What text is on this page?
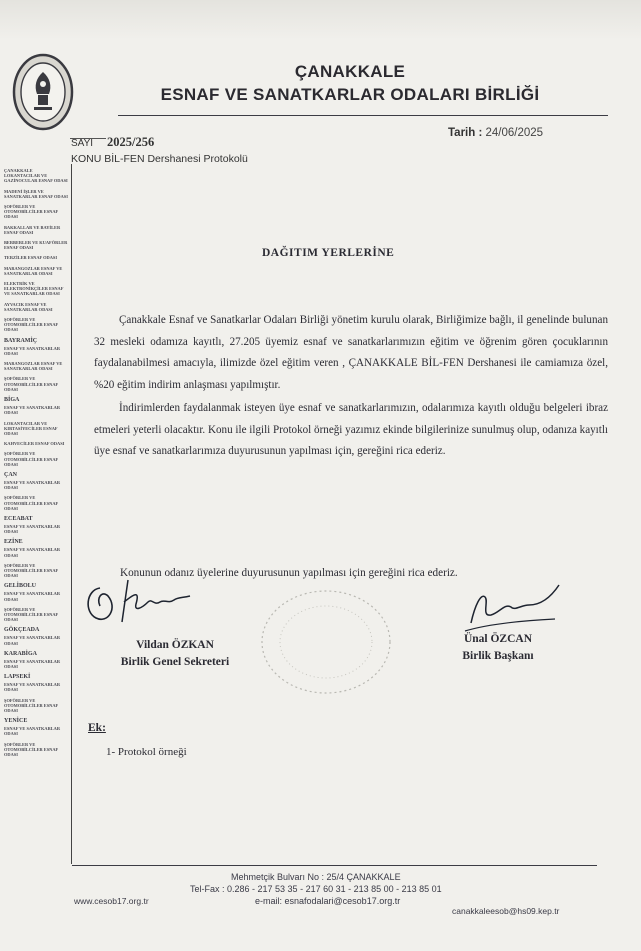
ÇANAKKALE
ESNAF VE SANATKARLAR ODALARI BİRLİĞİ
SAYI 2025/256
Tarih : 24/06/2025
KONU BİL-FEN Dershanesi Protokolü
ÇANAKKALE LOKANTACILAR VE GAZİNOCULAR ESNAF ODASI
MADENİ İŞLER VE SANATKARLAR ESNAF ODASI
ŞOFÖRLER VE OTOMOBİLCİLER ESNAF ODASI
BAKKALLAR VE BAYİLER ESNAF ODASI
BERBERLER VE KUAFÖRLER ESNAF ODASI
TERZİLER ESNAF ODASI
MARANGOZLAR ESNAF VE SANATKARLAR ODASI
ELEKTRİK VE ELEKTRONİKÇİLER ESNAF VE SANATKARLAR ODASI
AYVACIK ESNAF VE SANATKARLAR ODASI
ŞOFÖRLER VE OTOMOBİLCİLER ESNAF ODASI
BAYRAMİÇ
ESNAF VE SANATKARLAR ODASI
MARANGOZLAR ESNAF VE SANATKARLAR ODASI
ŞOFÖRLER VE OTOMOBİLCİLER ESNAF ODASI
BİGA
ESNAF VE SANATKARLAR ODASI
LOKANTACILAR VE KIRTASİYECİLER ESNAF ODASI
KAHVECİLER ESNAF ODASI
ŞOFÖRLER VE OTOMOBİLCİLER ESNAF ODASI
ÇAN
ESNAF VE SANATKARLAR ODASI
ŞOFÖRLER VE OTOMOBİLCİLER ESNAF ODASI
ECEABAT
ESNAF VE SANATKARLAR ODASI
EZİNE
ESNAF VE SANATKARLAR ODASI
ŞOFÖRLER VE OTOMOBİLCİLER ESNAF ODASI
GELİBOLU
ESNAF VE SANATKARLAR ODASI
ŞOFÖRLER VE OTOMOBİLCİLER ESNAF ODASI
GÖKÇEADA
ESNAF VE SANATKARLAR ODASI
KARABİGA
ESNAF VE SANATKARLAR ODASI
LAPSEKİ
ESNAF VE SANATKARLAR ODASI
ŞOFÖRLER VE OTOMOBİLCİLER ESNAF ODASI
YENİCE
ESNAF VE SANATKARLAR ODASI
ŞOFÖRLER VE OTOMOBİLCİLER ESNAF ODASI
DAĞITIM YERLERİNE

Çanakkale Esnaf ve Sanatkarlar Odaları Birliği yönetim kurulu olarak, Birliğimize bağlı, il genelinde bulunan 32 mesleki odamıza kayıtlı, 27.205 üyemiz esnaf ve sanatkarlarımızın eğitim ve öğrenim gören çocuklarının faydalanabilmesi amacıyla, ilimizde özel eğitim veren , ÇANAKKALE BİL-FEN Dershanesi ile camiamıza özel, %20 eğitim indirim anlaşması yapılmıştır.

İndirimlerden faydalanmak isteyen üye esnaf ve sanatkarlarımızın, odalarımıza kayıtlı olduğu belgeleri ibraz etmeleri yeterli olacaktır. Konu ile ilgili Protokol örneği yazımız ekinde bilgilerinize sunulmuş olup, odanıza kayıtlı üye esnaf ve sanatkarlarımıza duyurusunun yapılması için, gereğini rica ederiz.

Konunun odanız üyelerine duyurusunun yapılması için gereğini rica ederiz.
Vildan ÖZKAN
Birlik Genel Sekreteri
Ünal ÖZCAN
Birlik Başkanı
Ek:
1- Protokol örneği
Mehmetçik Bulvarı No : 25/4 ÇANAKKALE
Tel-Fax : 0.286 - 217 53 35 - 217 60 31 - 213 85 00 - 213 85 01
www.cesob17.org.tr	e-mail: esnafodalari@cesob17.org.tr
canakkaleesob@hs09.kep.tr
